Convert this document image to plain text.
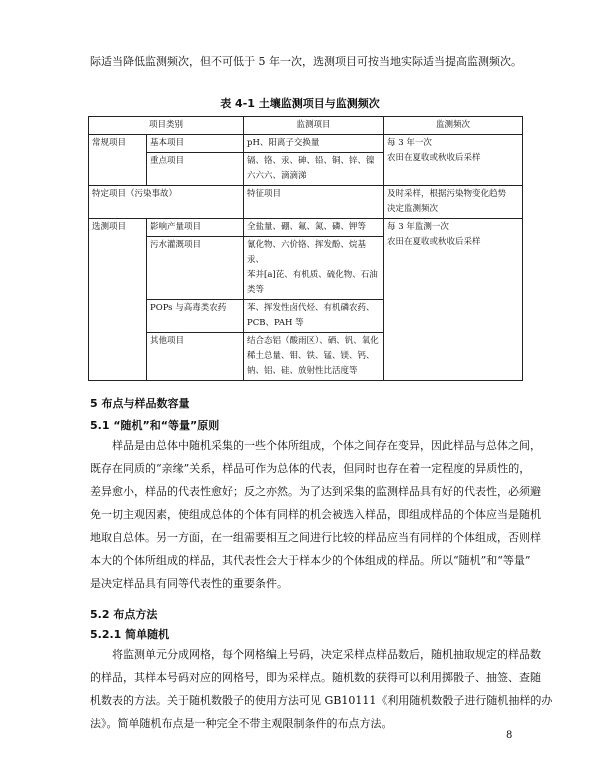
际适当降低监测频次，但不可低于 5 年一次，选测项目可按当地实际适当提高监测频次。

表 4-1 土壤监测项目与监测频次
项目类别		监测项目	监测频次
常规项目	基本项目	pH、阳离子交换量	每 3 年一次
农田在夏收或秋收后采样

	重点项目	镉、铬、汞、砷、铅、铜、锌、镍
六六六、滴滴涕	

特定项目（污染事故）		特征项目	及时采样，根据污染物变化趋势
决定监测频次

选测项目	影响产量项目	全盐量、硼、氟、氮、磷、钾等	每 3 年监测一次
农田在夏收或秋收后采样

	污水灌溉项目	氰化物、六价铬、挥发酚、烷基汞、
苯并[a]芘、有机质、硫化物、石油
类等	

	POPs 与高毒类农药	苯、挥发性卤代烃、有机磷农药、
PCB、PAH 等	

	其他项目	结合态铝（酸雨区）、硒、钒、氧化
稀土总量、钼、铁、锰、镁、钙、
钠、铝、硅、放射性比活度等	
5 布点与样品数容量
5.1 “随机”和“等量”原则

样品是由总体中随机采集的一些个体所组成，个体之间存在变异，因此样品与总体之间，
既存在同质的“亲缘”关系，样品可作为总体的代表，但同时也存在着一定程度的异质性的，
差异愈小，样品的代表性愈好；反之亦然。为了达到采集的监测样品具有好的代表性，必须避
免一切主观因素，使组成总体的个体有同样的机会被选入样品，即组成样品的个体应当是随机
地取自总体。另一方面，在一组需要相互之间进行比较的样品应当有同样的个体组成，否则样
本大的个体所组成的样品，其代表性会大于样本少的个体组成的样品。所以“随机”和“等量”
是决定样品具有同等代表性的重要条件。

5.2 布点方法
5.2.1 简单随机

将监测单元分成网格，每个网格编上号码，决定采样点样品数后，随机抽取规定的样品数
的样品，其样本号码对应的网格号，即为采样点。随机数的获得可以利用掷骰子、抽签、查随
机数表的方法。关于随机数骰子的使用方法可见 GB10111《利用随机数骰子进行随机抽样的办
法》。简单随机布点是一种完全不带主观限制条件的布点方法。

8
